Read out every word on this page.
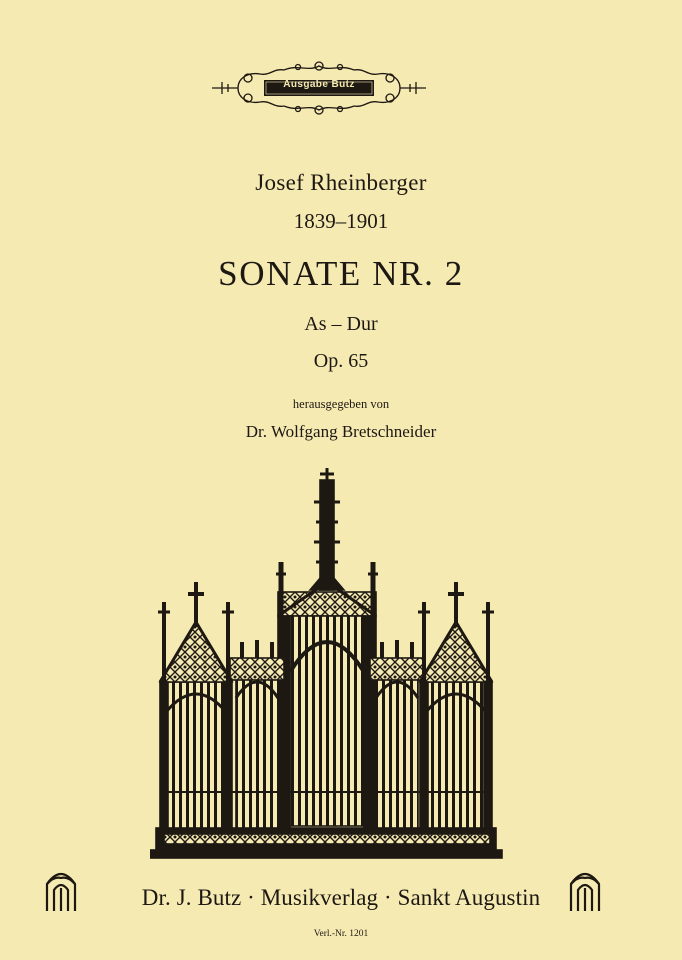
Ausgabe Butz
Josef Rheinberger
1839–1901
SONATE NR. 2
As – Dur
Op. 65
herausgegeben von
Dr. Wolfgang Bretschneider
Dr. J. Butz · Musikverlag · Sankt Augustin
Verl.-Nr. 1201
